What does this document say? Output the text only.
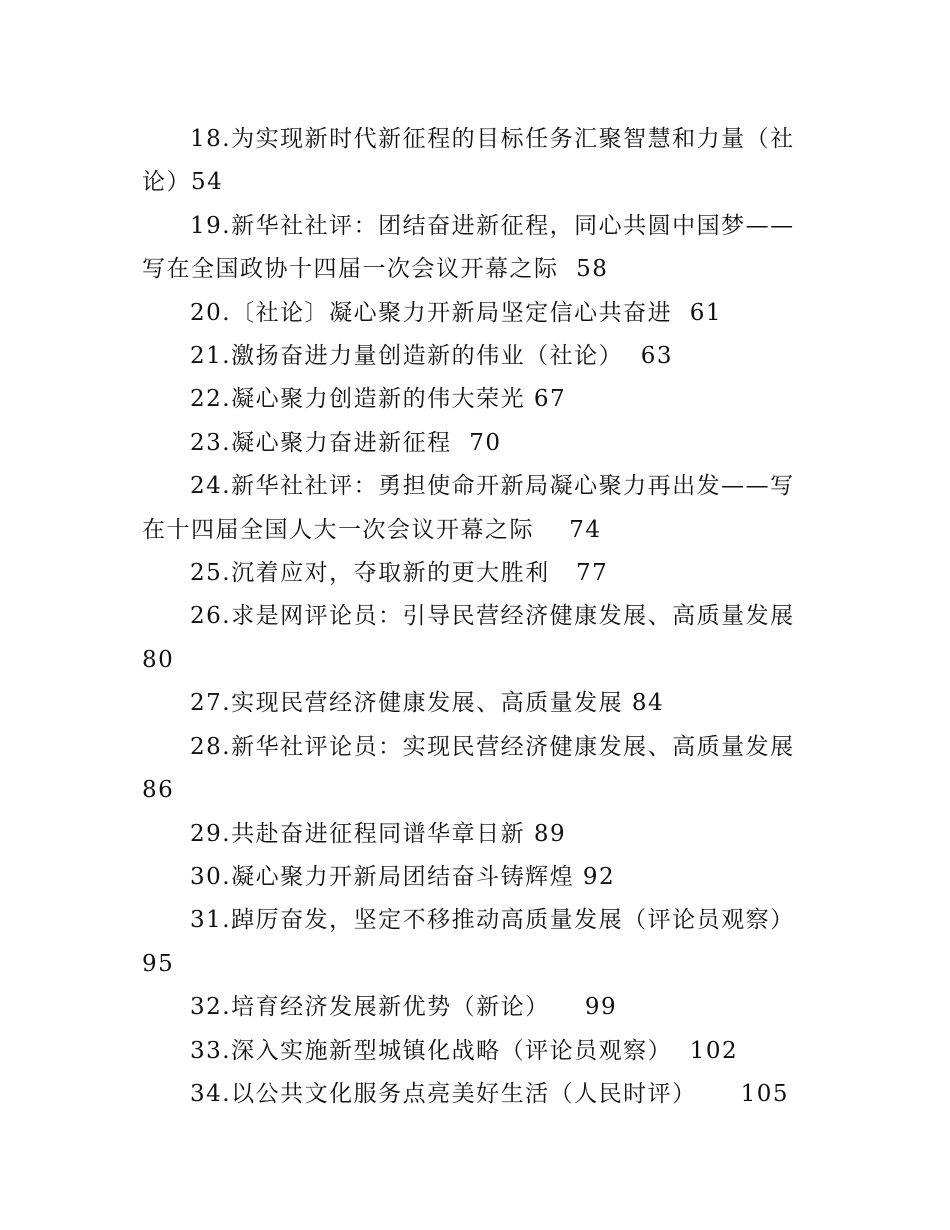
18.为实现新时代新征程的目标任务汇聚智慧和力量（社论）54

19.新华社社评：团结奋进新征程，同心共圆中国梦——写在全国政协十四届一次会议开幕之际  58

20.〔社论〕凝心聚力开新局坚定信心共奋进  61

21.激扬奋进力量创造新的伟业（社论）  63

22.凝心聚力创造新的伟大荣光 67

23.凝心聚力奋进新征程  70

24.新华社社评：勇担使命开新局凝心聚力再出发——写在十四届全国人大一次会议开幕之际    74

25.沉着应对，夺取新的更大胜利   77

26.求是网评论员：引导民营经济健康发展、高质量发展 80

27.实现民营经济健康发展、高质量发展 84

28.新华社评论员：实现民营经济健康发展、高质量发展 86

29.共赴奋进征程同谱华章日新 89

30.凝心聚力开新局团结奋斗铸辉煌 92

31.踔厉奋发，坚定不移推动高质量发展（评论员观察） 95

32.培育经济发展新优势（新论）    99

33.深入实施新型城镇化战略（评论员观察）  102

34.以公共文化服务点亮美好生活（人民时评）     105
